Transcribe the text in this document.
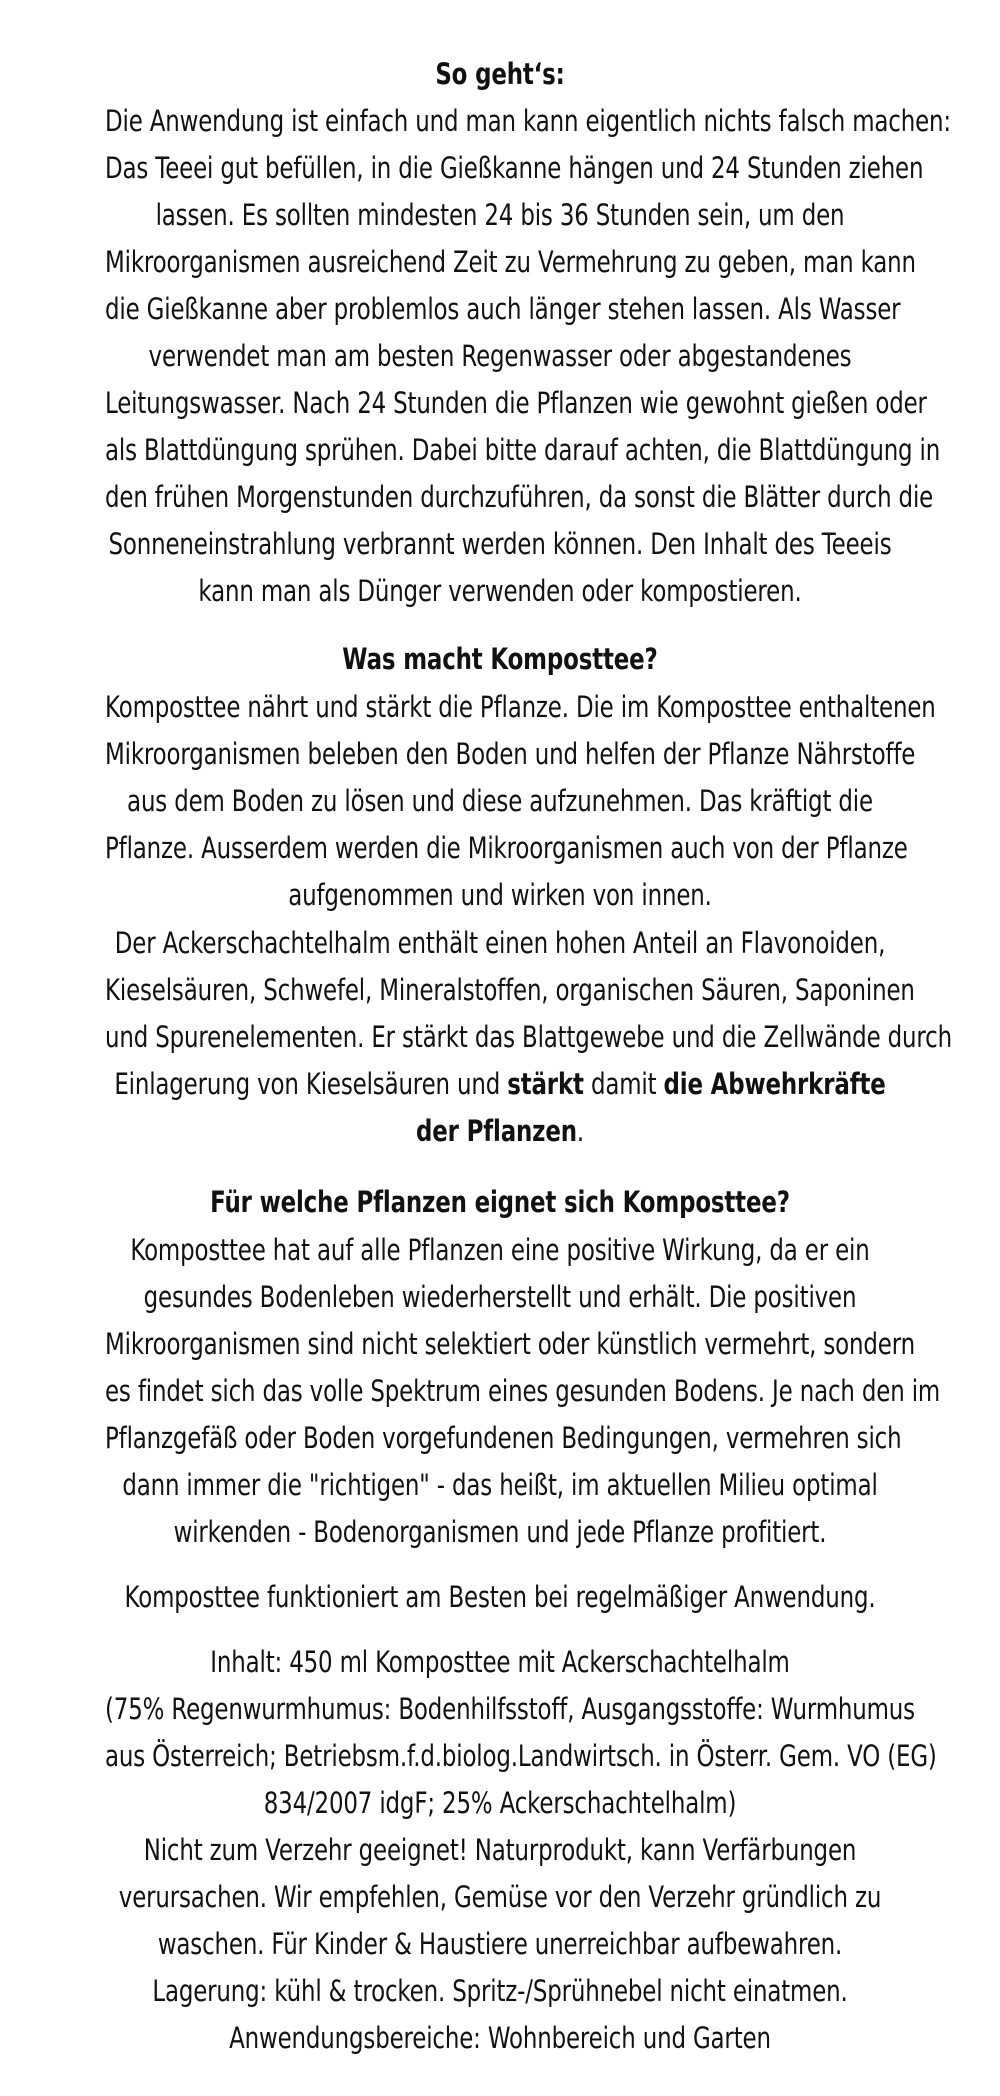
So geht‘s:
Die Anwendung ist einfach und man kann eigentlich nichts falsch machen:
Das Teeei gut befüllen, in die Gießkanne hängen und 24 Stunden ziehen
lassen. Es sollten mindesten 24 bis 36 Stunden sein, um den
Mikroorganismen ausreichend Zeit zu Vermehrung zu geben, man kann
die Gießkanne aber problemlos auch länger stehen lassen. Als Wasser
verwendet man am besten Regenwasser oder abgestandenes
Leitungswasser. Nach 24 Stunden die Pflanzen wie gewohnt gießen oder
als Blattdüngung sprühen. Dabei bitte darauf achten, die Blattdüngung in
den frühen Morgenstunden durchzuführen, da sonst die Blätter durch die
Sonneneinstrahlung verbrannt werden können. Den Inhalt des Teeeis
kann man als Dünger verwenden oder kompostieren.
Was macht Komposttee?
Komposttee nährt und stärkt die Pflanze. Die im Komposttee enthaltenen
Mikroorganismen beleben den Boden und helfen der Pflanze Nährstoffe
aus dem Boden zu lösen und diese aufzunehmen. Das kräftigt die
Pflanze. Ausserdem werden die Mikroorganismen auch von der Pflanze
aufgenommen und wirken von innen.
Der Ackerschachtelhalm enthält einen hohen Anteil an Flavonoiden,
Kieselsäuren, Schwefel, Mineralstoffen, organischen Säuren, Saponinen
und Spurenelementen. Er stärkt das Blattgewebe und die Zellwände durch
Einlagerung von Kieselsäuren und stärkt damit die Abwehrkräfte
der Pflanzen.
Für welche Pflanzen eignet sich Komposttee?
Komposttee hat auf alle Pflanzen eine positive Wirkung, da er ein
gesundes Bodenleben wiederherstellt und erhält. Die positiven
Mikroorganismen sind nicht selektiert oder künstlich vermehrt, sondern
es findet sich das volle Spektrum eines gesunden Bodens. Je nach den im
Pflanzgefäß oder Boden vorgefundenen Bedingungen, vermehren sich
dann immer die "richtigen" - das heißt, im aktuellen Milieu optimal
wirkenden - Bodenorganismen und jede Pflanze profitiert.
Komposttee funktioniert am Besten bei regelmäßiger Anwendung.
Inhalt: 450 ml Komposttee mit Ackerschachtelhalm
(75% Regenwurmhumus: Bodenhilfsstoff, Ausgangsstoffe: Wurmhumus
aus Österreich; Betriebsm.f.d.biolog.Landwirtsch. in Österr. Gem. VO (EG)
834/2007 idgF; 25% Ackerschachtelhalm)
Nicht zum Verzehr geeignet! Naturprodukt, kann Verfärbungen
verursachen. Wir empfehlen, Gemüse vor den Verzehr gründlich zu
waschen. Für Kinder & Haustiere unerreichbar aufbewahren.
Lagerung: kühl & trocken. Spritz-/Sprühnebel nicht einatmen.
Anwendungsbereiche: Wohnbereich und Garten
